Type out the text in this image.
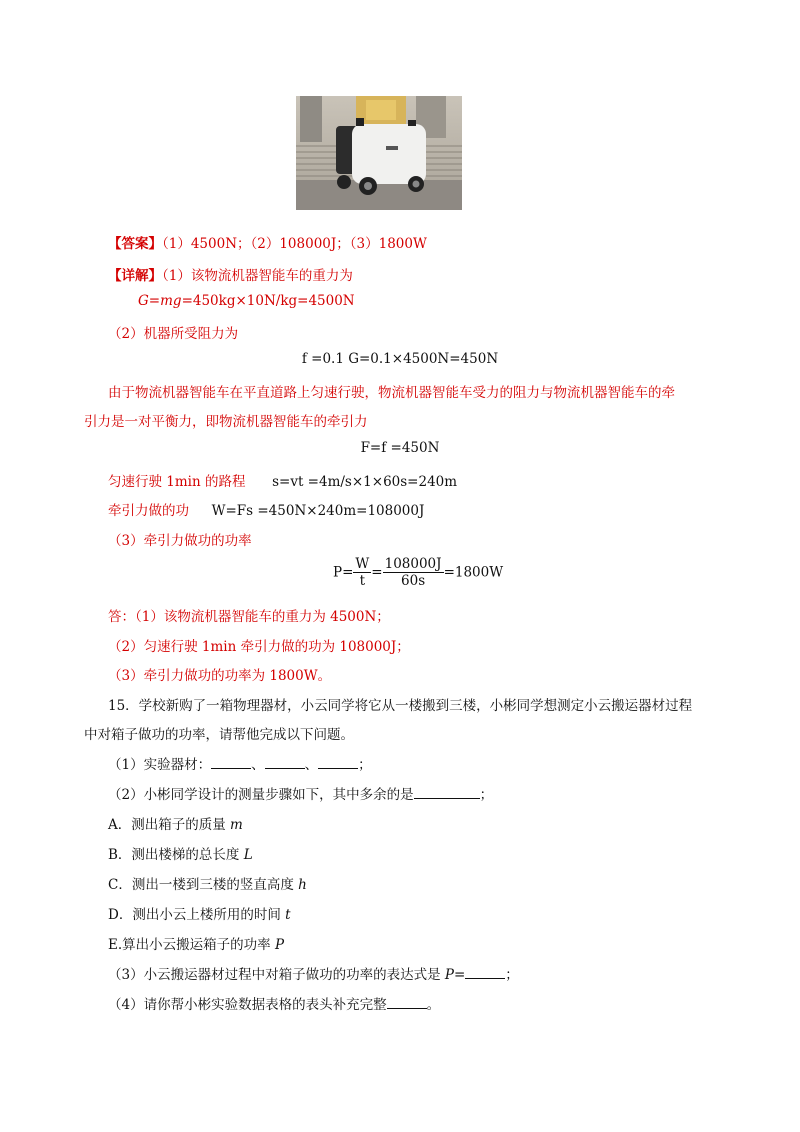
【答案】（1）4500N；（2）108000J；（3）1800W
【详解】（1）该物流机器智能车的重力为
G=mg=450kg×10N/kg=4500N
（2）机器所受阻力为
f =0.1 G=0.1×4500N=450N
由于物流机器智能车在平直道路上匀速行驶，物流机器智能车受力的阻力与物流机器智能车的牵
引力是一对平衡力，即物流机器智能车的牵引力
F=f =450N
匀速行驶 1min 的路程 s=vt =4m/s×1×60s=240m
牵引力做的功 W=Fs =450N×240m=108000J
（3）牵引力做功的功率
$P= \frac{W}{t} = \frac{108000J}{60s} =1800W$
答：（1）该物流机器智能车的重力为 4500N；
（2）匀速行驶 1min 牵引力做的功为 108000J；
（3）牵引力做功的功率为 1800W。
15．学校新购了一箱物理器材，小云同学将它从一楼搬到三楼，小彬同学想测定小云搬运器材过程
中对箱子做功的功率，请帮他完成以下问题。
（1）实验器材：	、	、	；
（2）小彬同学设计的测量步骤如下，其中多余的是	；
A．测出箱子的质量 m
B．测出楼梯的总长度 L
C．测出一楼到三楼的竖直高度 h
D．测出小云上楼所用的时间 t
E.算出小云搬运箱子的功率 P
（3）小云搬运器材过程中对箱子做功的功率的表达式是 P=	；
（4）请你帮小彬实验数据表格的表头补充完整	。
